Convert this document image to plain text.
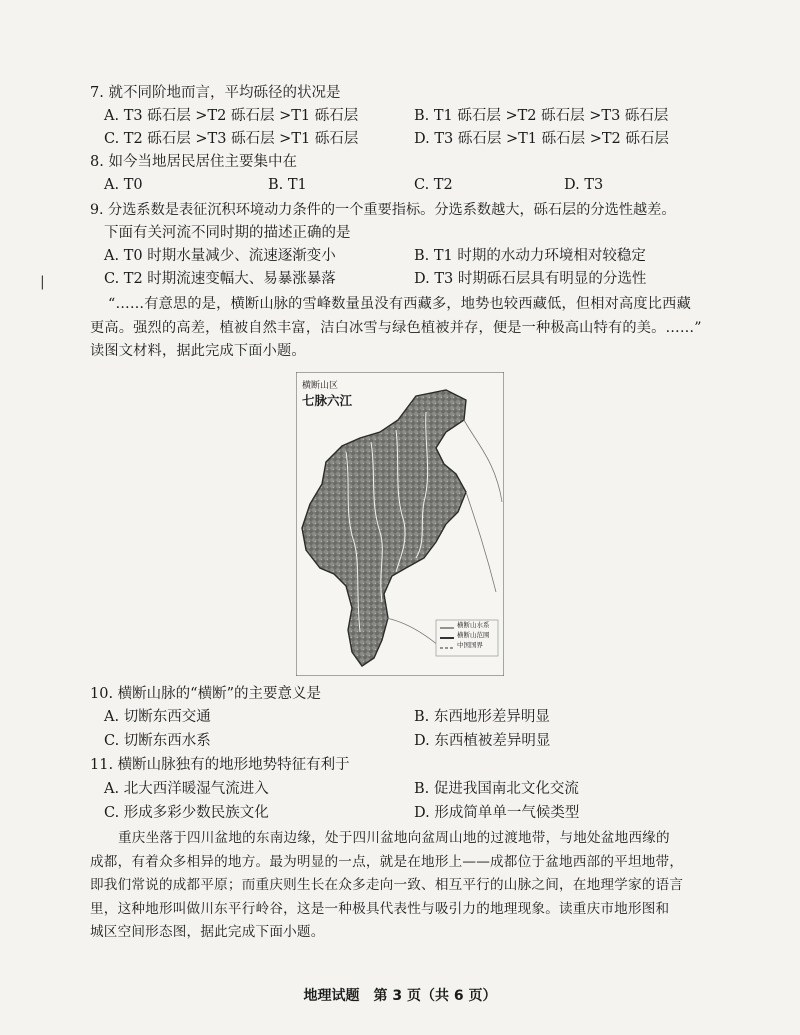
7. 就不同阶地而言，平均砾径的状况是
A. T3 砾石层 >T2 砾石层 >T1 砾石层	B. T1 砾石层 >T2 砾石层 >T3 砾石层
C. T2 砾石层 >T3 砾石层 >T1 砾石层	D. T3 砾石层 >T1 砾石层 >T2 砾石层
8. 如今当地居民居住主要集中在
A. T0	B. T1	C. T2	D. T3
9. 分选系数是表征沉积环境动力条件的一个重要指标。分选系数越大，砾石层的分选性越差。
下面有关河流不同时期的描述正确的是
A. T0 时期水量减少、流速逐渐变小	B. T1 时期的水动力环境相对较稳定
C. T2 时期流速变幅大、易暴涨暴落	D. T3 时期砾石层具有明显的分选性
|

“……有意思的是，横断山脉的雪峰数量虽没有西藏多，地势也较西藏低，但相对高度比西藏

更高。强烈的高差，植被自然丰富，洁白冰雪与绿色植被并存，便是一种极高山特有的美。……”

读图文材料，据此完成下面小题。

横断山区
七脉六江
横断山水系
横断山范围
中国国界
10. 横断山脉的“横断”的主要意义是
A. 切断东西交通	B. 东西地形差异明显
C. 切断东西水系	D. 东西植被差异明显
11. 横断山脉独有的地形地势特征有利于
A. 北大西洋暖湿气流进入	B. 促进我国南北文化交流
C. 形成多彩少数民族文化	D. 形成简单单一气候类型

重庆坐落于四川盆地的东南边缘，处于四川盆地向盆周山地的过渡地带，与地处盆地西缘的

成都，有着众多相异的地方。最为明显的一点，就是在地形上——成都位于盆地西部的平坦地带，

即我们常说的成都平原；而重庆则生长在众多走向一致、相互平行的山脉之间，在地理学家的语言

里，这种地形叫做川东平行岭谷，这是一种极具代表性与吸引力的地理现象。读重庆市地形图和

城区空间形态图，据此完成下面小题。

地理试题　第 3 页（共 6 页）
